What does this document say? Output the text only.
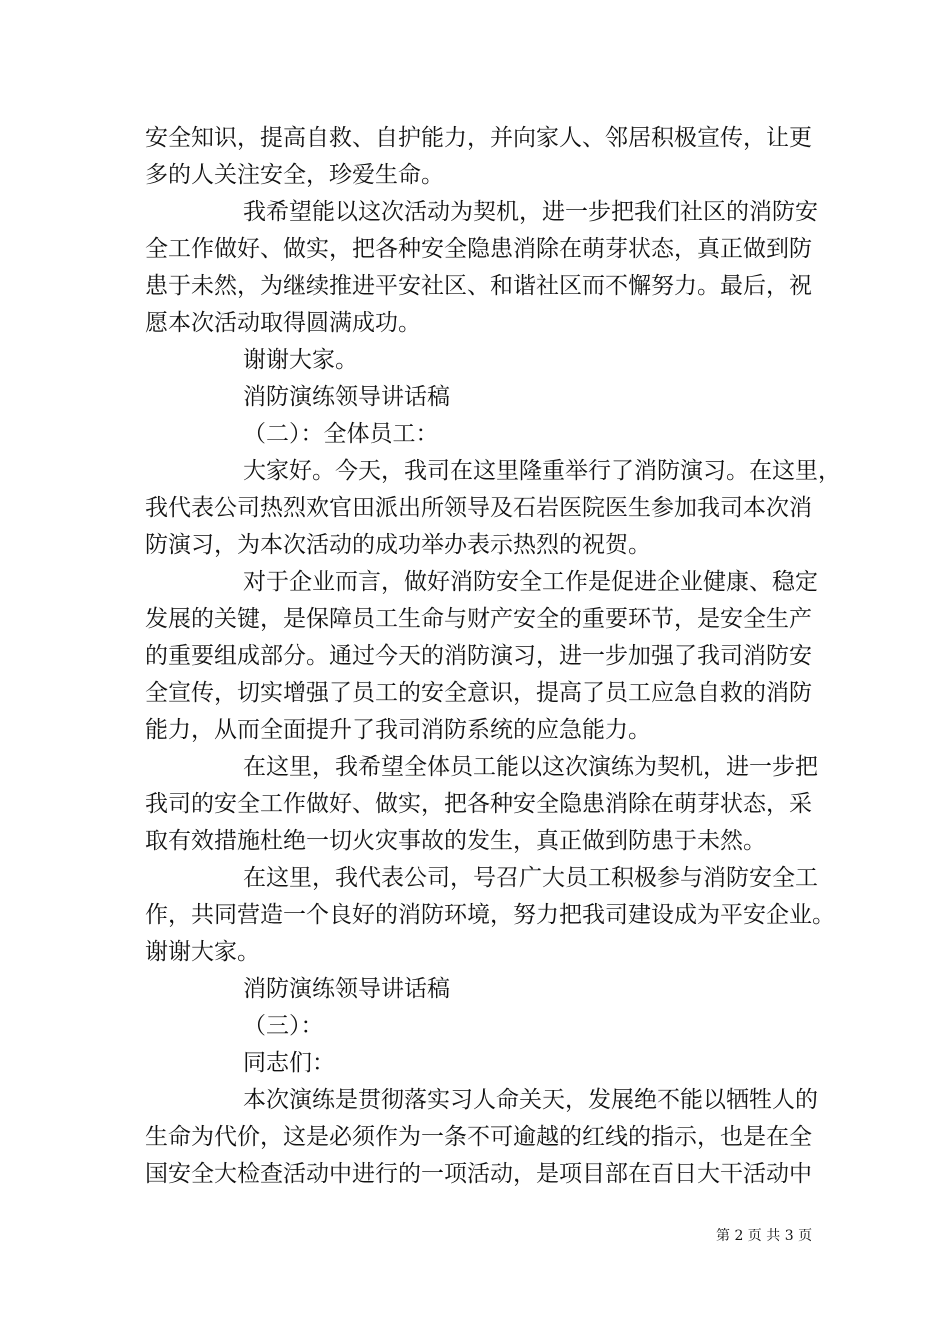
安全知识，提高自救、自护能力，并向家人、邻居积极宣传，让更
多的人关注安全，珍爱生命。
我希望能以这次活动为契机，进一步把我们社区的消防安
全工作做好、做实，把各种安全隐患消除在萌芽状态，真正做到防
患于未然，为继续推进平安社区、和谐社区而不懈努力。最后，祝
愿本次活动取得圆满成功。
谢谢大家。
消防演练领导讲话稿
（二）：全体员工：
大家好。今天，我司在这里隆重举行了消防演习。在这里，
我代表公司热烈欢官田派出所领导及石岩医院医生参加我司本次消
防演习，为本次活动的成功举办表示热烈的祝贺。
对于企业而言，做好消防安全工作是促进企业健康、稳定
发展的关键，是保障员工生命与财产安全的重要环节，是安全生产
的重要组成部分。通过今天的消防演习，进一步加强了我司消防安
全宣传，切实增强了员工的安全意识，提高了员工应急自救的消防
能力，从而全面提升了我司消防系统的应急能力。
在这里，我希望全体员工能以这次演练为契机，进一步把
我司的安全工作做好、做实，把各种安全隐患消除在萌芽状态，采
取有效措施杜绝一切火灾事故的发生，真正做到防患于未然。
在这里，我代表公司，号召广大员工积极参与消防安全工
作，共同营造一个良好的消防环境，努力把我司建设成为平安企业。
谢谢大家。
消防演练领导讲话稿
（三）：
同志们：
本次演练是贯彻落实习人命关天，发展绝不能以牺牲人的
生命为代价，这是必须作为一条不可逾越的红线的指示，也是在全
国安全大检查活动中进行的一项活动，是项目部在百日大干活动中
第 2 页 共 3 页
